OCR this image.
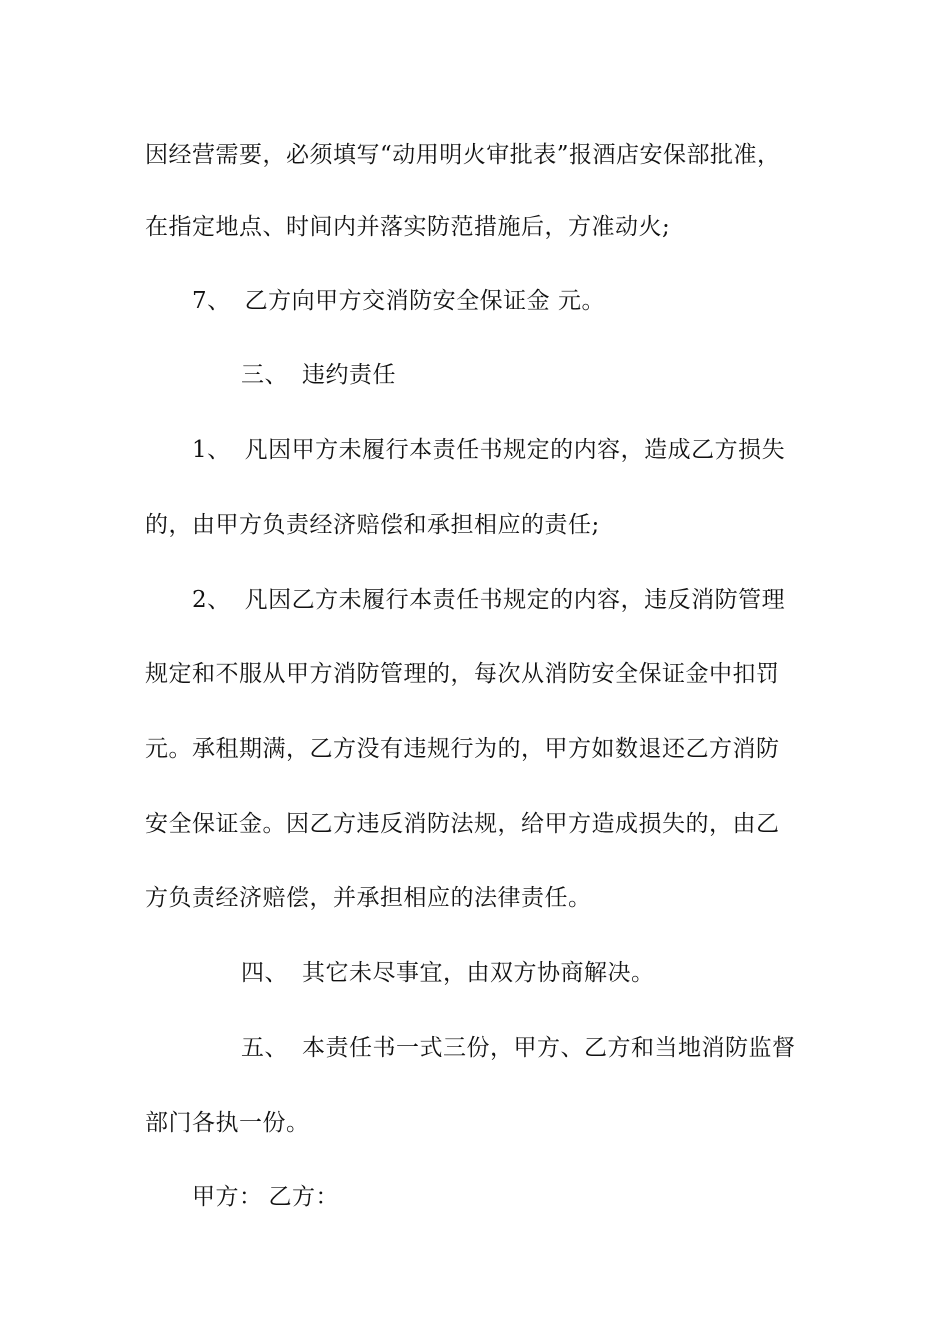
因经营需要，必须填写“动用明火审批表”报酒店安保部批准，
在指定地点、时间内并落实防范措施后，方准动火;
7、 乙方向甲方交消防安全保证金 元。
三、 违约责任
1、 凡因甲方未履行本责任书规定的内容，造成乙方损失
的，由甲方负责经济赔偿和承担相应的责任;
2、 凡因乙方未履行本责任书规定的内容，违反消防管理
规定和不服从甲方消防管理的，每次从消防安全保证金中扣罚
元。承租期满，乙方没有违规行为的，甲方如数退还乙方消防
安全保证金。因乙方违反消防法规，给甲方造成损失的，由乙
方负责经济赔偿，并承担相应的法律责任。
四、 其它未尽事宜，由双方协商解决。
五、 本责任书一式三份，甲方、乙方和当地消防监督
部门各执一份。
甲方： 乙方：
